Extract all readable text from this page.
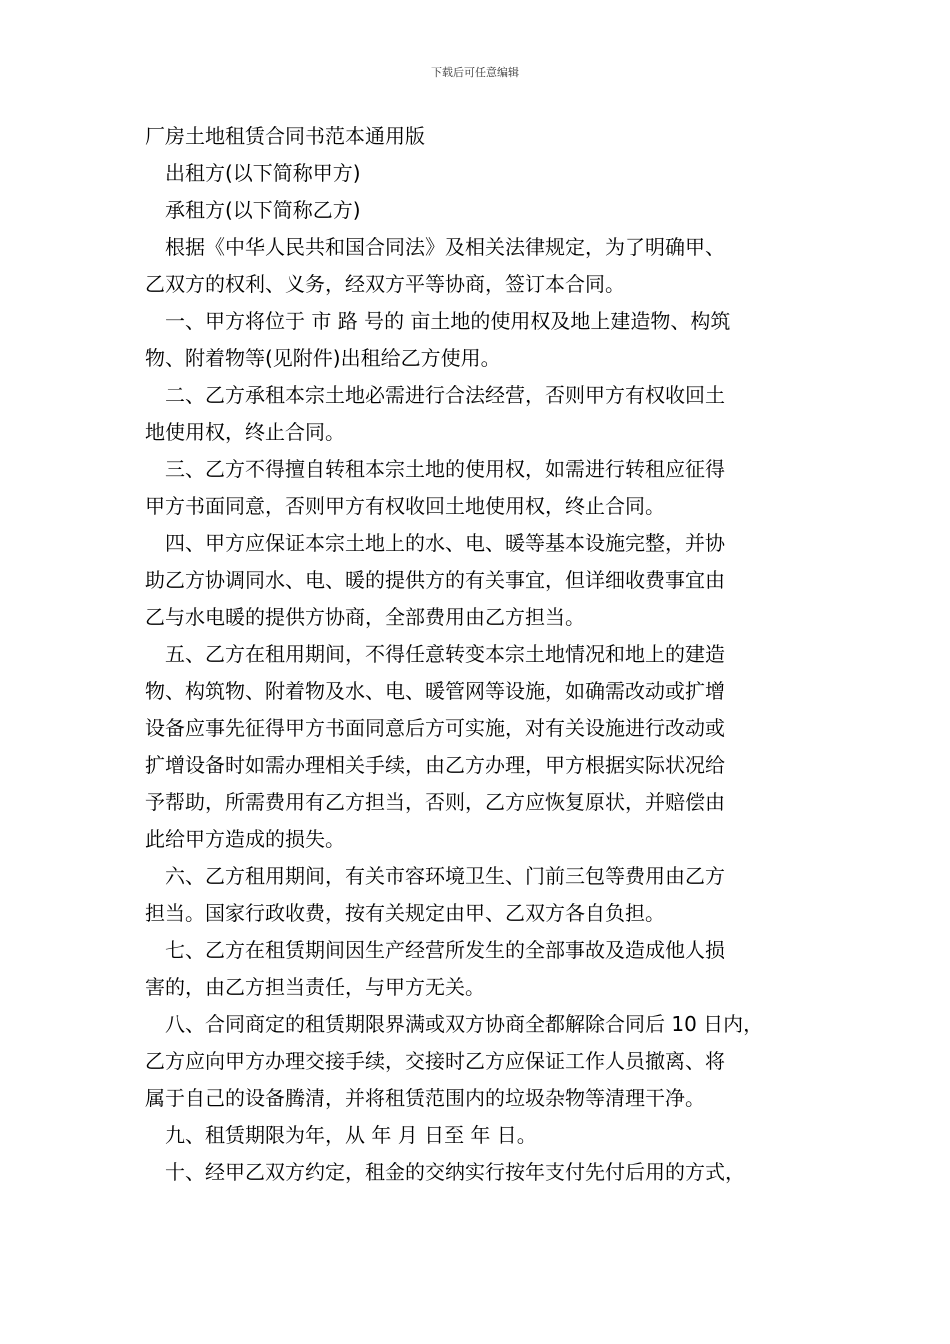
下载后可任意编辑
厂房土地租赁合同书范本通用版
出租方(以下简称甲方)
承租方(以下简称乙方)
根据《中华人民共和国合同法》及相关法律规定，为了明确甲、
乙双方的权利、义务，经双方平等协商，签订本合同。
一、甲方将位于 市 路 号的 亩土地的使用权及地上建造物、构筑
物、附着物等(见附件)出租给乙方使用。
二、乙方承租本宗土地必需进行合法经营，否则甲方有权收回土
地使用权，终止合同。
三、乙方不得擅自转租本宗土地的使用权，如需进行转租应征得
甲方书面同意，否则甲方有权收回土地使用权，终止合同。
四、甲方应保证本宗土地上的水、电、暖等基本设施完整，并协
助乙方协调同水、电、暖的提供方的有关事宜，但详细收费事宜由
乙与水电暖的提供方协商，全部费用由乙方担当。
五、乙方在租用期间，不得任意转变本宗土地情况和地上的建造
物、构筑物、附着物及水、电、暖管网等设施，如确需改动或扩增
设备应事先征得甲方书面同意后方可实施，对有关设施进行改动或
扩增设备时如需办理相关手续，由乙方办理，甲方根据实际状况给
予帮助，所需费用有乙方担当，否则，乙方应恢复原状，并赔偿由
此给甲方造成的损失。
六、乙方租用期间，有关市容环境卫生、门前三包等费用由乙方
担当。国家行政收费，按有关规定由甲、乙双方各自负担。
七、乙方在租赁期间因生产经营所发生的全部事故及造成他人损
害的，由乙方担当责任，与甲方无关。
八、合同商定的租赁期限界满或双方协商全都解除合同后 10 日内，
乙方应向甲方办理交接手续，交接时乙方应保证工作人员撤离、将
属于自己的设备腾清，并将租赁范围内的垃圾杂物等清理干净。
九、租赁期限为年，从 年 月 日至 年 日。
十、经甲乙双方约定，租金的交纳实行按年支付先付后用的方式，
